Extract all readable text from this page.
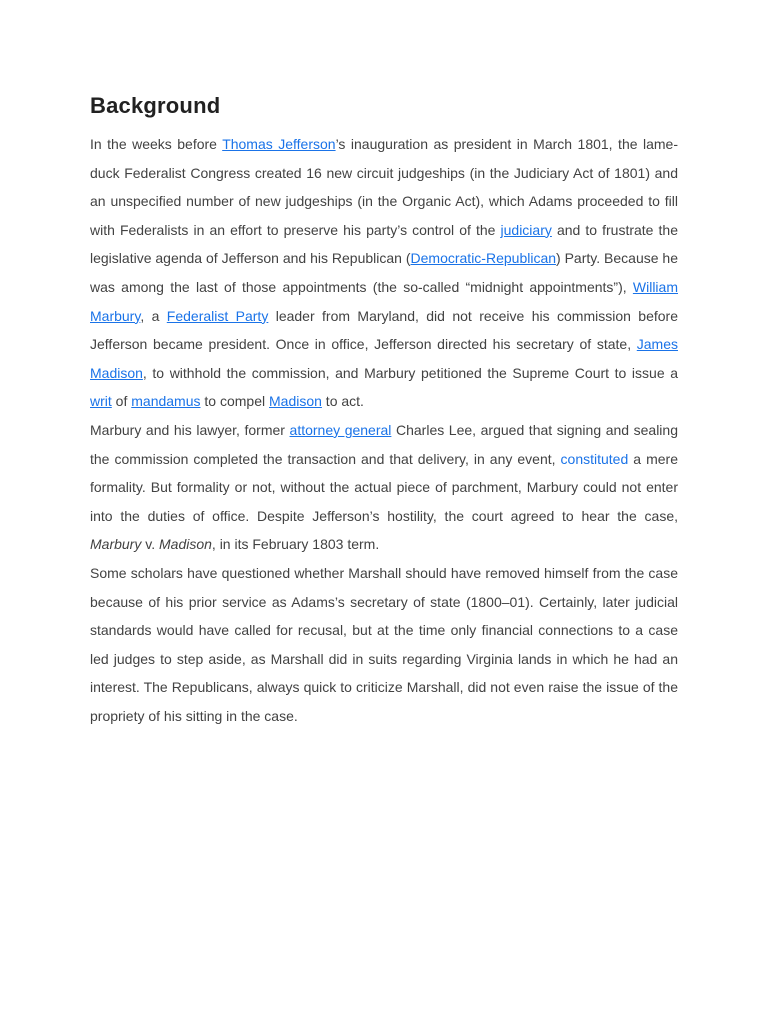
Background

In the weeks before Thomas Jefferson’s inauguration as president in March 1801, the lame-duck Federalist Congress created 16 new circuit judgeships (in the Judiciary Act of 1801) and an unspecified number of new judgeships (in the Organic Act), which Adams proceeded to fill with Federalists in an effort to preserve his party’s control of the judiciary and to frustrate the legislative agenda of Jefferson and his Republican (Democratic-Republican) Party. Because he was among the last of those appointments (the so-called “midnight appointments”), William Marbury, a Federalist Party leader from Maryland, did not receive his commission before Jefferson became president. Once in office, Jefferson directed his secretary of state, James Madison, to withhold the commission, and Marbury petitioned the Supreme Court to issue a writ of mandamus to compel Madison to act.

Marbury and his lawyer, former attorney general Charles Lee, argued that signing and sealing the commission completed the transaction and that delivery, in any event, constituted a mere formality. But formality or not, without the actual piece of parchment, Marbury could not enter into the duties of office. Despite Jefferson’s hostility, the court agreed to hear the case, Marbury v. Madison, in its February 1803 term.

Some scholars have questioned whether Marshall should have removed himself from the case because of his prior service as Adams’s secretary of state (1800–01). Certainly, later judicial standards would have called for recusal, but at the time only financial connections to a case led judges to step aside, as Marshall did in suits regarding Virginia lands in which he had an interest. The Republicans, always quick to criticize Marshall, did not even raise the issue of the propriety of his sitting in the case.
